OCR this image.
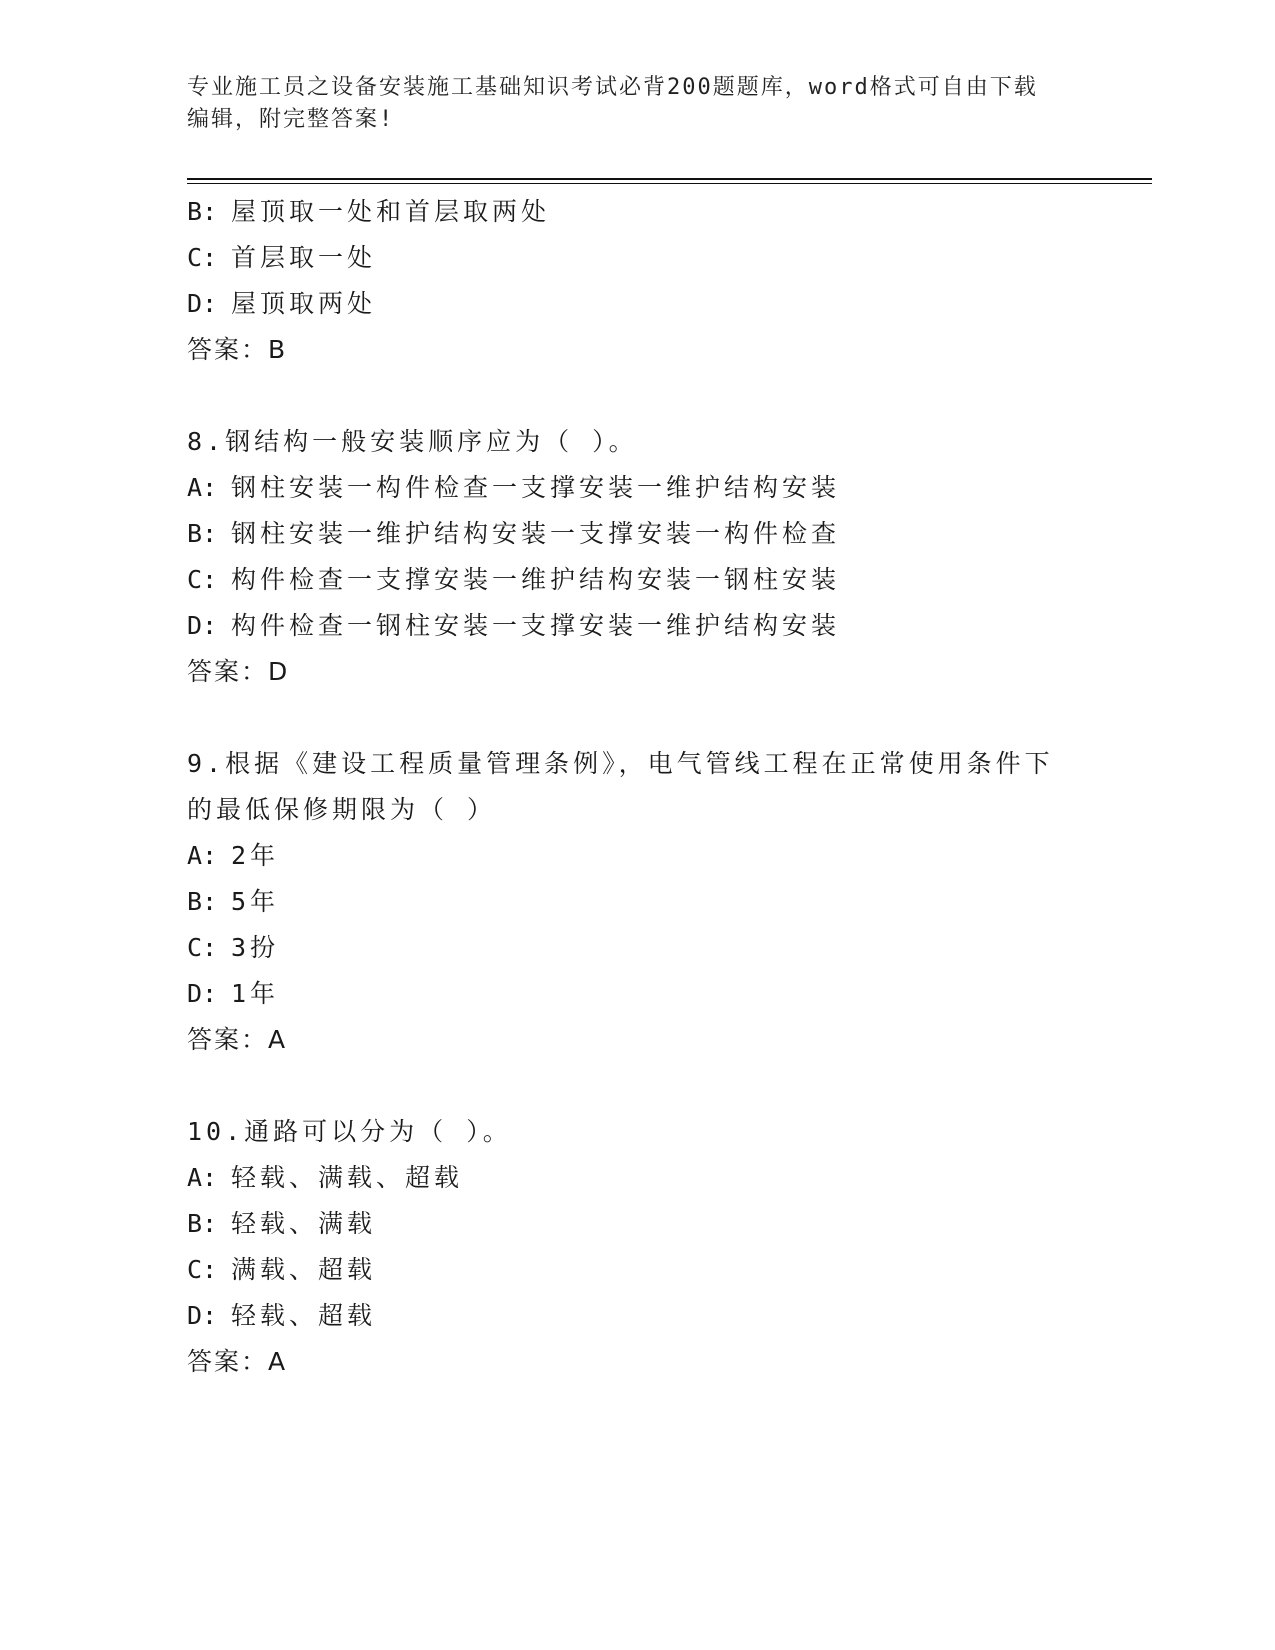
专业施工员之设备安装施工基础知识考试必背200题题库，word格式可自由下载
编辑，附完整答案!
B: 屋顶取一处和首层取两处
C: 首层取一处
D: 屋顶取两处
答案：B
8.钢结构一般安装顺序应为（ ）。
A: 钢柱安装一构件检查一支撑安装一维护结构安装
B: 钢柱安装一维护结构安装一支撑安装一构件检查
C: 构件检查一支撑安装一维护结构安装一钢柱安装
D: 构件检查一钢柱安装一支撑安装一维护结构安装
答案：D
9.根据《建设工程质量管理条例》，电气管线工程在正常使用条件下
的最低保修期限为（ ）
A: 2年
B: 5年
C: 3扮
D: 1年
答案：A
10.通路可以分为（ ）。
A: 轻载、满载、超载
B: 轻载、满载
C: 满载、超载
D: 轻载、超载
答案：A
